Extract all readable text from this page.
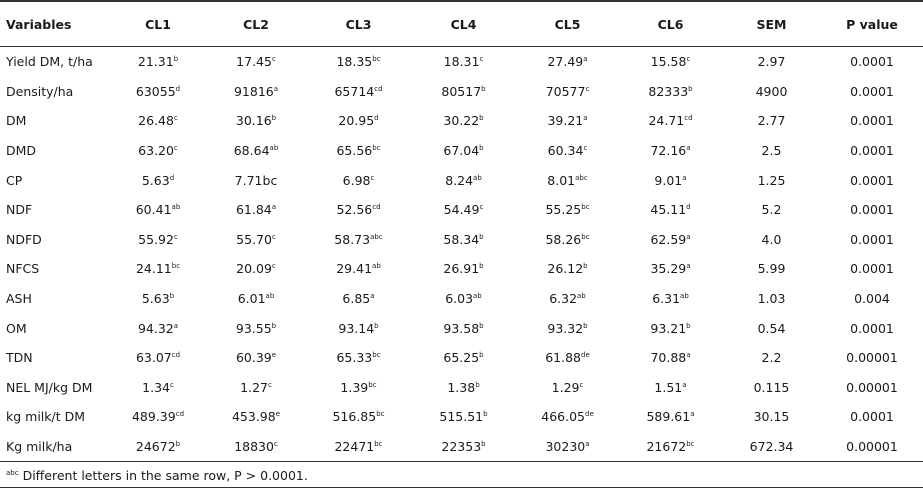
Variables	CL1	CL2	CL3	CL4	CL5	CL6	SEM	P value
Yield DM, t/ha	21.31$^b$	17.45$^c$	18.35$^{bc}$	18.31$^c$	27.49$^a$	15.58$^c$	2.97	0.0001
Density/ha	63055$^d$	91816$^a$	$65714^{cd}$	80517$^b$	70577$^c$	82333$^b$	4900	0.0001
DM	26.48$^c$	30.16$^b$	20.95$^d$	30.22$^b$	39.21$^a$	24.71$^{cd}$	2.77	0.0001
DMD	63.20$^c$	68.64$^{ab}$	65.56$^{bc}$	67.04$^b$	60.34$^c$	72.16$^a$	2.5	0.0001
CP	5.63$^d$	7.71bc	6.98$^c$	8.24$^{ab}$	8.01$^{abc}$	9.01$^a$	1.25	0.0001
NDF	60.41$^{ab}$	61.84$^a$	52.56$^{cd}$	54.49$^c$	55.25$^{bc}$	45.11$^d$	5.2	0.0001
NDFD	55.92$^c$	55.70$^c$	58.73$^{abc}$	58.34$^b$	58.26$^{bc}$	62.59$^a$	4.0	0.0001
NFCS	24.11$^{bc}$	20.09$^c$	29.41$^{ab}$	26.91$^b$	26.12$^b$	35.29$^a$	5.99	0.0001
ASH	5.63$^b$	6.01$^{ab}$	6.85$^a$	6.03$^{ab}$	6.32$^{ab}$	6.31$^{ab}$	1.03	0.004
OM	94.32$^a$	93.55$^b$	93.14$^b$	93.58$^b$	93.32$^b$	93.21$^b$	0.54	0.0001
TDN	63.07$^{cd}$	60.39e	65.33$^{bc}$	65.25$^b$	61.88de	70.88$^a$	2.2	0.00001
NEL MJ/kg DM	1.34$^c$	1.27$^c$	1.39$^{bc}$	1.38$^b$	1.29$^c$	1.51$^a$	0.115	0.00001
kg milk/t DM	489.39$^{cd}$	453.98e	516.85$^{bc}$	515.51$^b$	466.05de	589.61$^a$	30.15	0.0001
Kg milk/ha	24672$^b$	18830$^c$	$22471^{bc}$	22353$^b$	30230$^a$	$21672^{bc}$	672.34	0.00001
$^{abc}$ Different letters in the same row, P > 0.0001.
